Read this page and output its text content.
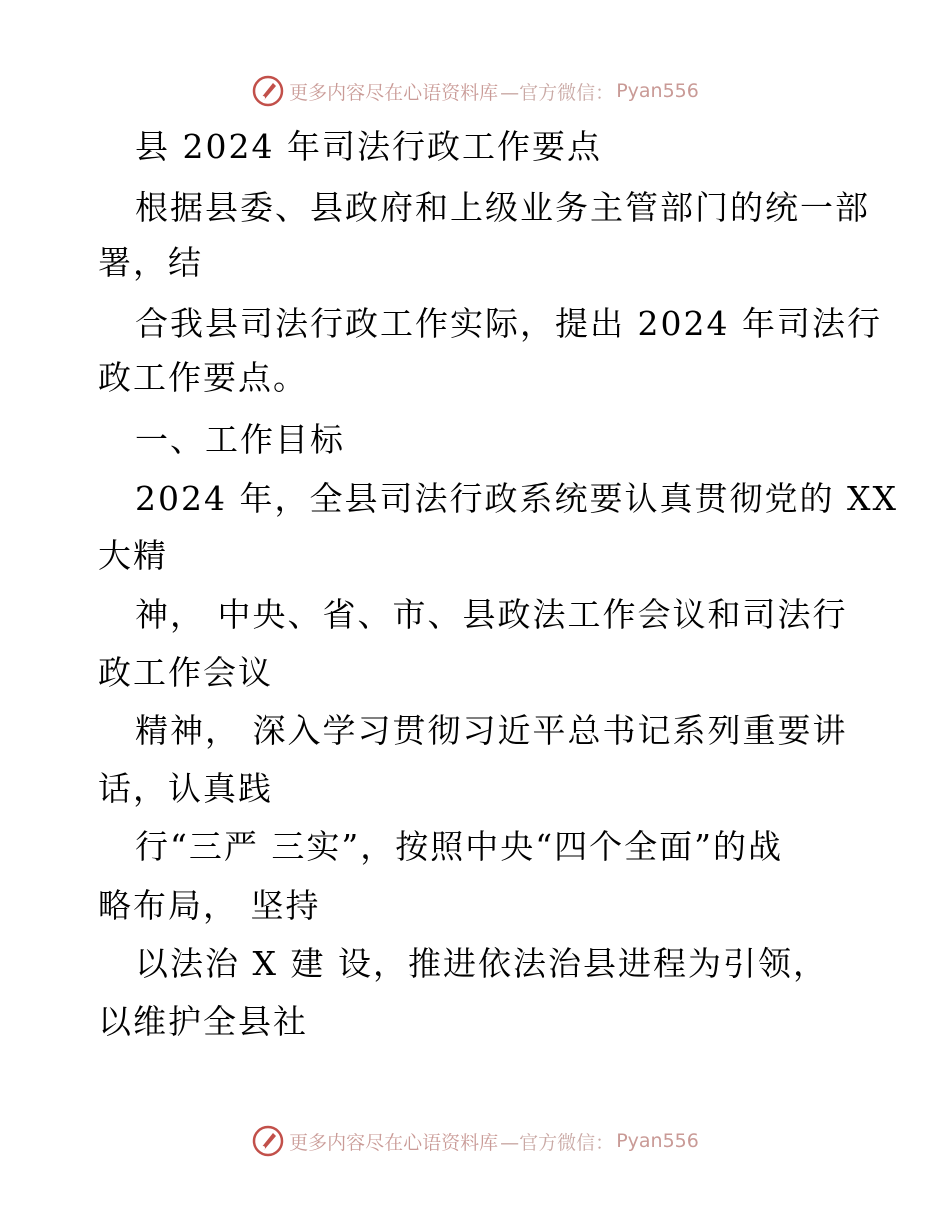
更多内容尽在心语资料库 —官方微信： Pyan556
县 2024 年司法行政工作要点
根据县委、县政府和上级业务主管部门的统一部
署，结
合我县司法行政工作实际，提出 2024 年司法行
政工作要点。
一、工作目标
2024 年，全县司法行政系统要认真贯彻党的 XX
大精
神， 中央、省、市、县政法工作会议和司法行
政工作会议
精神， 深入学习贯彻习近平总书记系列重要讲
话，认真践
行“三严 三实”，按照中央“四个全面”的战
略布局， 坚持
以法治 X 建 设，推进依法治县进程为引领，
以维护全县社
更多内容尽在心语资料库 —官方微信： Pyan556
